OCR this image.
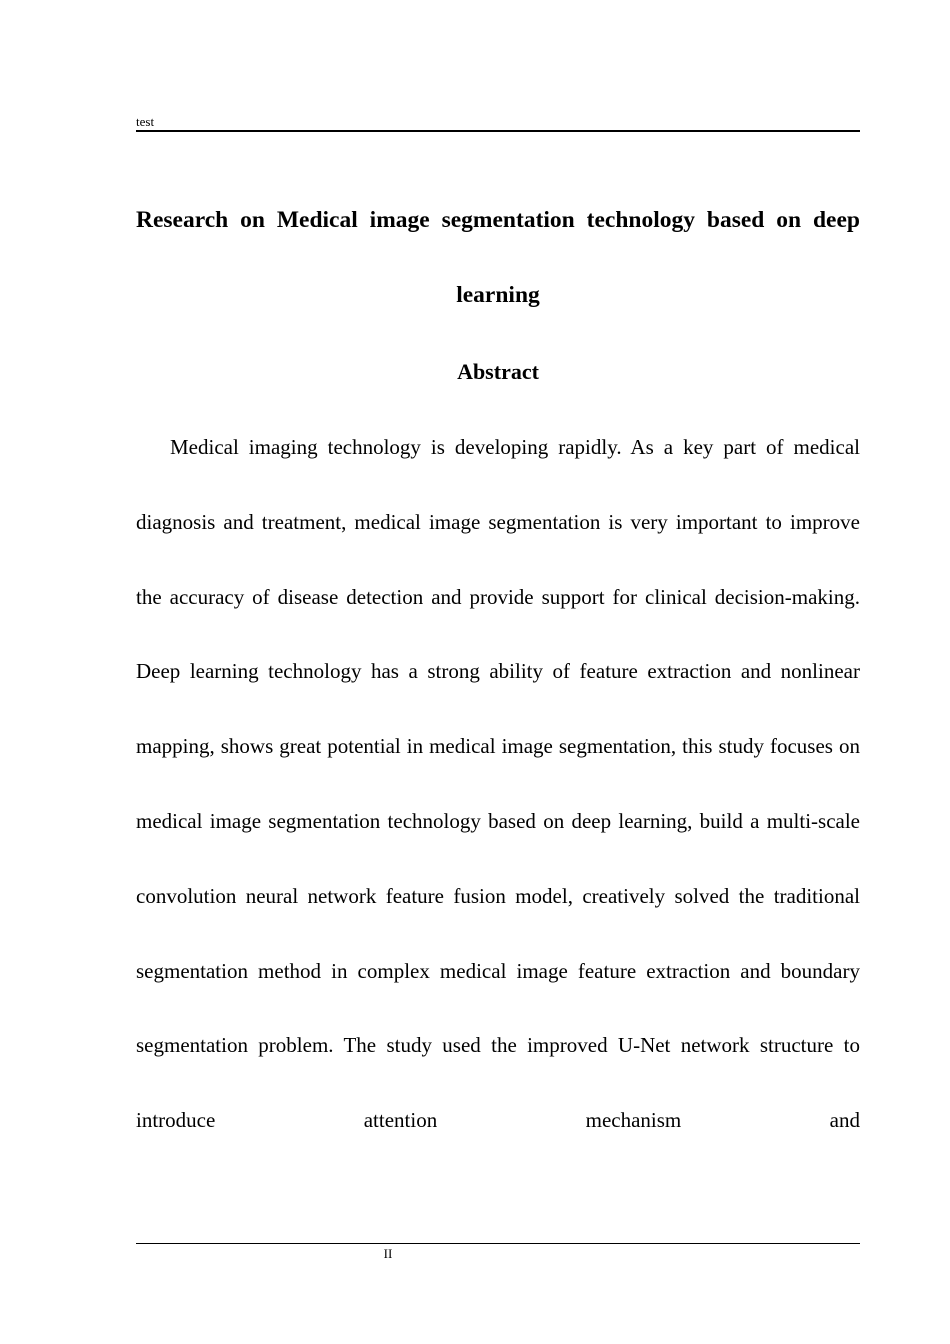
test
Research on Medical image segmentation technology based on deep learning
Abstract

Medical imaging technology is developing rapidly. As a key part of medical diagnosis and treatment, medical image segmentation is very important to improve the accuracy of disease detection and provide support for clinical decision-making. Deep learning technology has a strong ability of feature extraction and nonlinear mapping, shows great potential in medical image segmentation, this study focuses on medical image segmentation technology based on deep learning, build a multi-scale convolution neural network feature fusion model, creatively solved the traditional segmentation method in complex medical image feature extraction and boundary segmentation problem. The study used the improved U-Net network structure to introduce attention mechanism and

II
